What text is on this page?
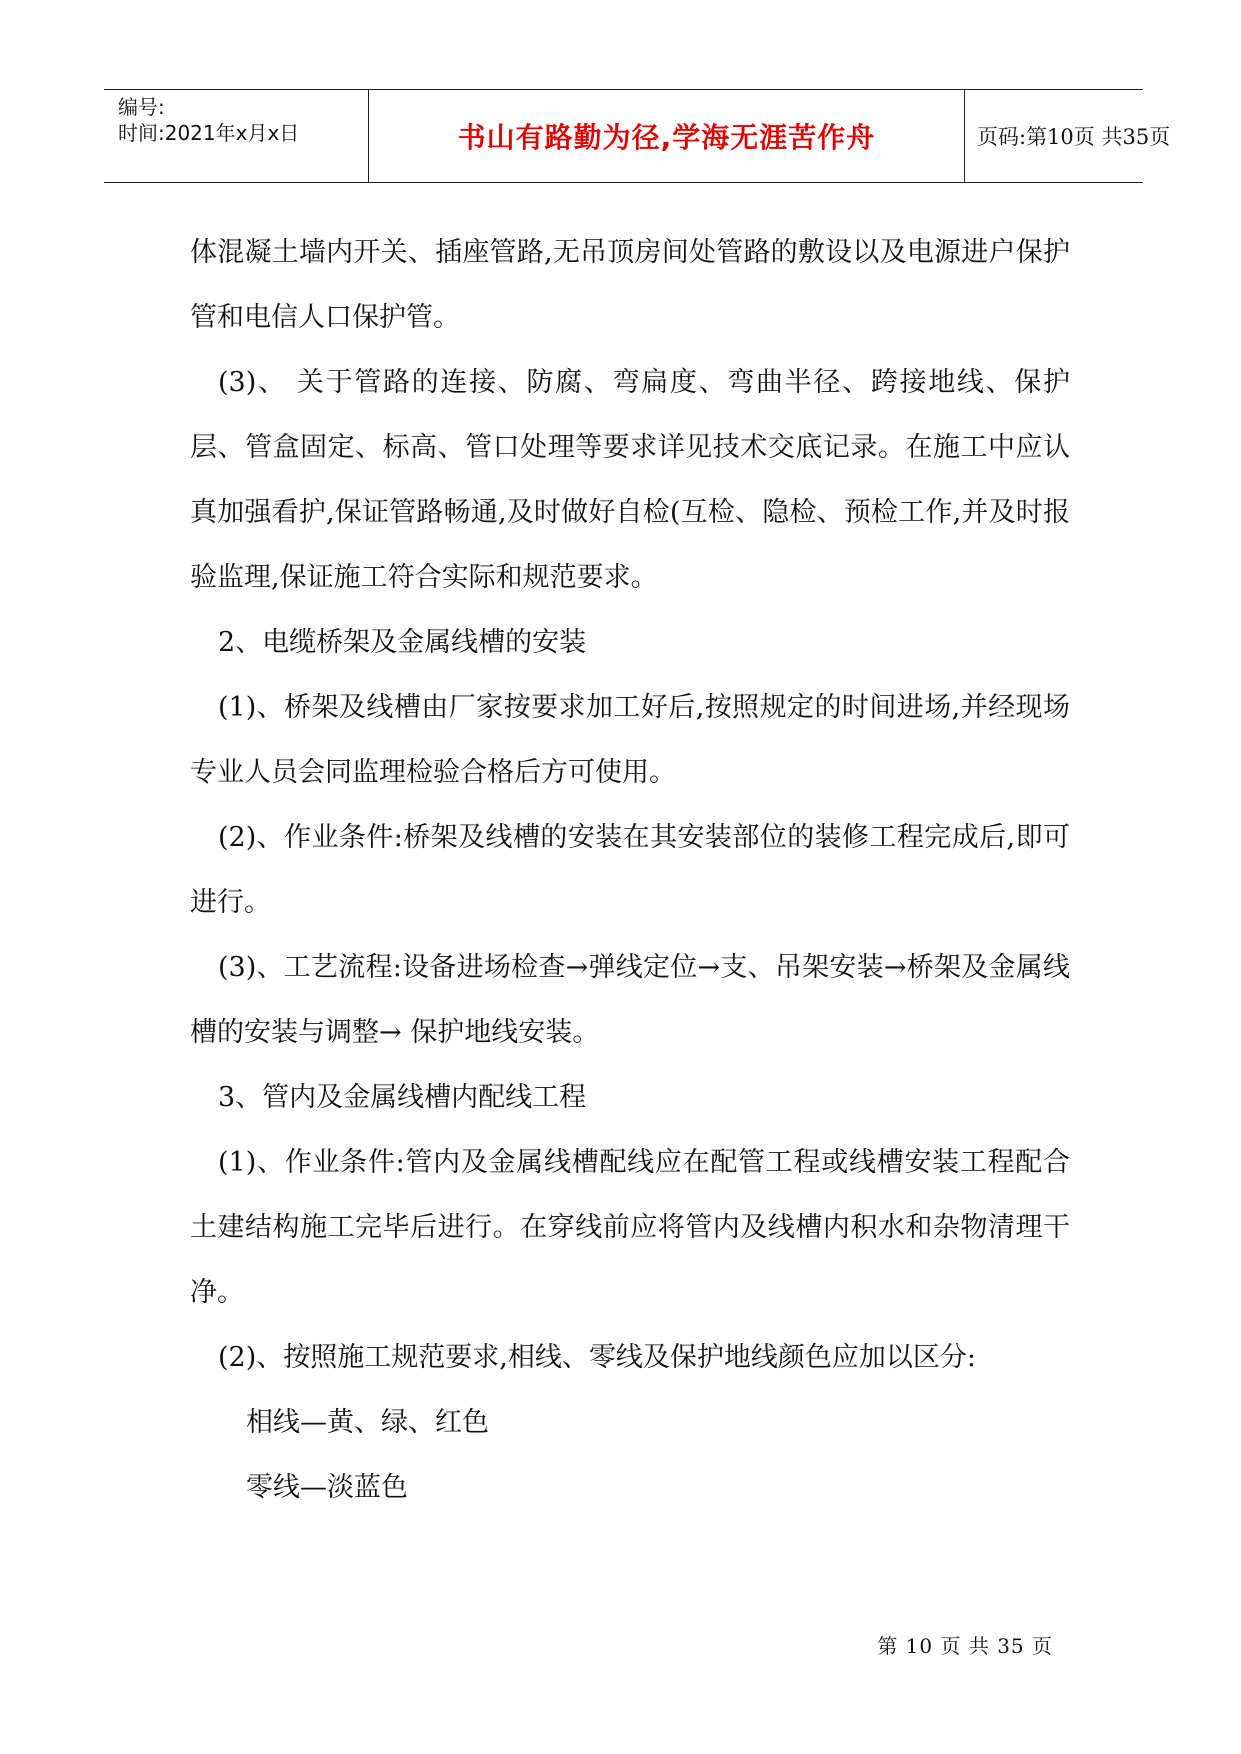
编号:
时间:2021年x月x日	书山有路勤为径,学海无涯苦作舟	页码:第10页 共35页

体混凝土墙内开关、插座管路,无吊顶房间处管路的敷设以及电源进户保护管和电信人口保护管。

(3)、 关于管路的连接、防腐、弯扁度、弯曲半径、跨接地线、保护层、管盒固定、标高、管口处理等要求详见技术交底记录。在施工中应认真加强看护,保证管路畅通,及时做好自检(互检、隐检、预检工作,并及时报验监理,保证施工符合实际和规范要求。

2、电缆桥架及金属线槽的安装

(1)、桥架及线槽由厂家按要求加工好后,按照规定的时间进场,并经现场专业人员会同监理检验合格后方可使用。

(2)、作业条件:桥架及线槽的安装在其安装部位的装修工程完成后,即可进行。

(3)、工艺流程:设备进场检查→弹线定位→支、吊架安装→桥架及金属线槽的安装与调整→ 保护地线安装。

3、管内及金属线槽内配线工程

(1)、作业条件:管内及金属线槽配线应在配管工程或线槽安装工程配合土建结构施工完毕后进行。在穿线前应将管内及线槽内积水和杂物清理干净。

(2)、按照施工规范要求,相线、零线及保护地线颜色应加以区分:

相线—黄、绿、红色

零线—淡蓝色

第 10 页 共 35 页
